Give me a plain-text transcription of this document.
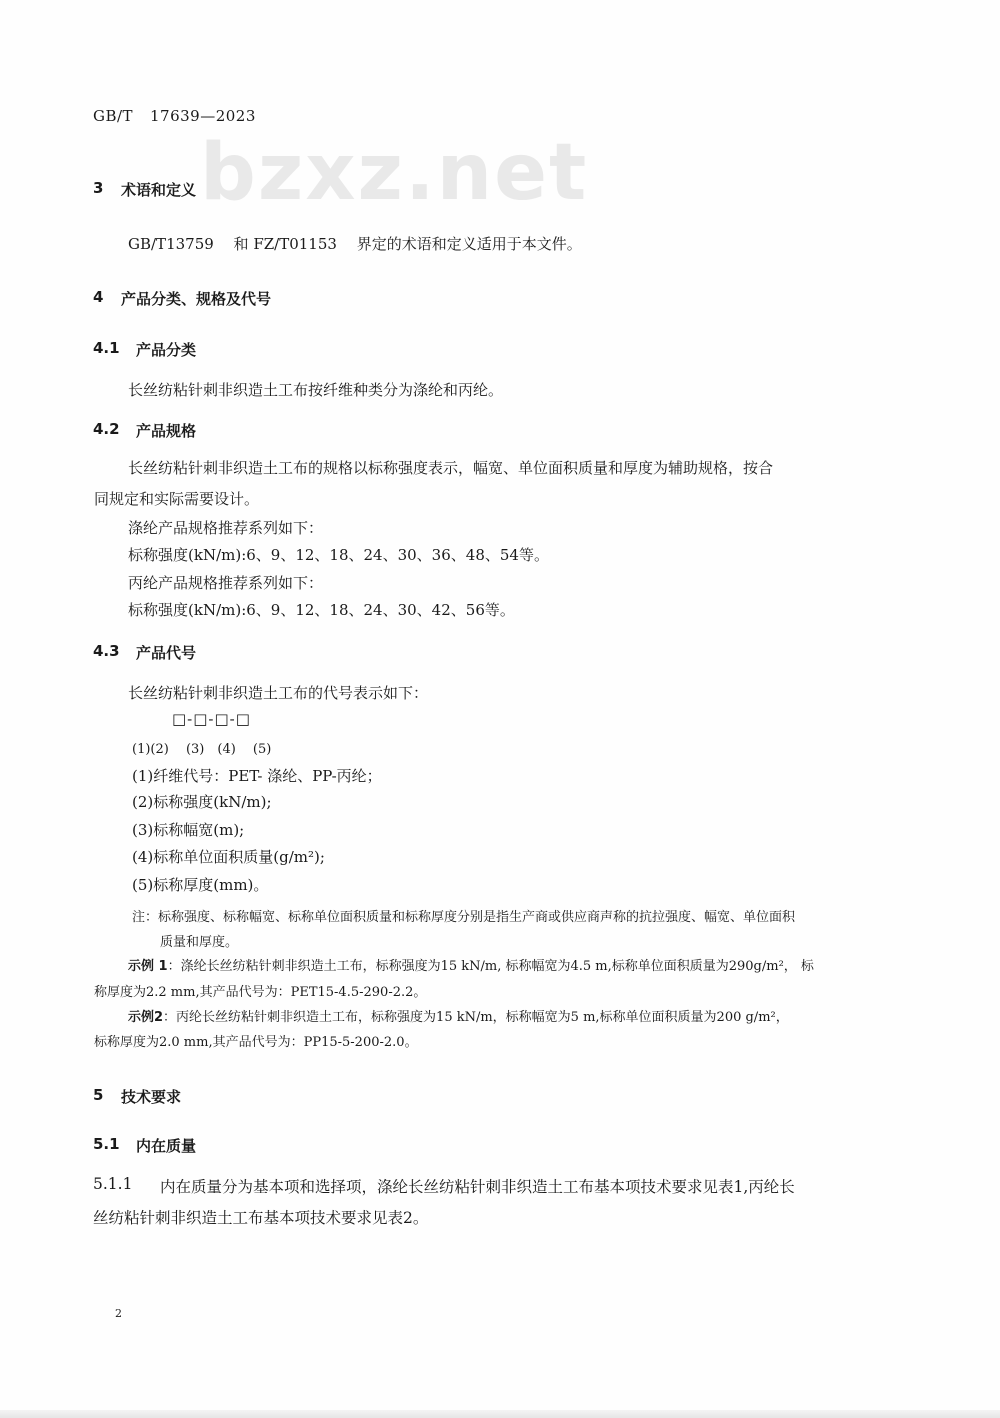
bzxz.net
GB/T 17639—2023
3 术语和定义
GB/T13759　 和 FZ/T01153　 界定的术语和定义适用于本文件。
4 产品分类、规格及代号
4.1 产品分类
长丝纺粘针刺非织造土工布按纤维种类分为涤纶和丙纶。
4.2 产品规格
长丝纺粘针刺非织造土工布的规格以标称强度表示，幅宽、单位面积质量和厚度为辅助规格，按合
同规定和实际需要设计。
涤纶产品规格推荐系列如下：
标称强度(kN/m):6、9、12、18、24、30、36、48、54等。
丙纶产品规格推荐系列如下：
标称强度(kN/m):6、9、12、18、24、30、42、56等。
4.3 产品代号
长丝纺粘针刺非织造土工布的代号表示如下：
□-□-□-□
(1)(2)　 (3)　(4)　 (5)
(1)纤维代号：PET- 涤纶、PP-丙纶；
(2)标称强度(kN/m);
(3)标称幅宽(m);
(4)标称单位面积质量(g/m²);
(5)标称厚度(mm)。
注：标称强度、标称幅宽、标称单位面积质量和标称厚度分别是指生产商或供应商声称的抗拉强度、幅宽、单位面积
质量和厚度。
示例 1：涤纶长丝纺粘针刺非织造土工布，标称强度为15 kN/m, 标称幅宽为4.5 m,标称单位面积质量为290g/m²， 标
称厚度为2.2 mm,其产品代号为：PET15-4.5-290-2.2。
示例2：丙纶长丝纺粘针刺非织造土工布，标称强度为15 kN/m，标称幅宽为5 m,标称单位面积质量为200 g/m²，
标称厚度为2.0 mm,其产品代号为：PP15-5-200-2.0。
5 技术要求
5.1 内在质量
5.1.1 内在质量分为基本项和选择项，涤纶长丝纺粘针刺非织造土工布基本项技术要求见表1,丙纶长
丝纺粘针刺非织造土工布基本项技术要求见表2。
2
